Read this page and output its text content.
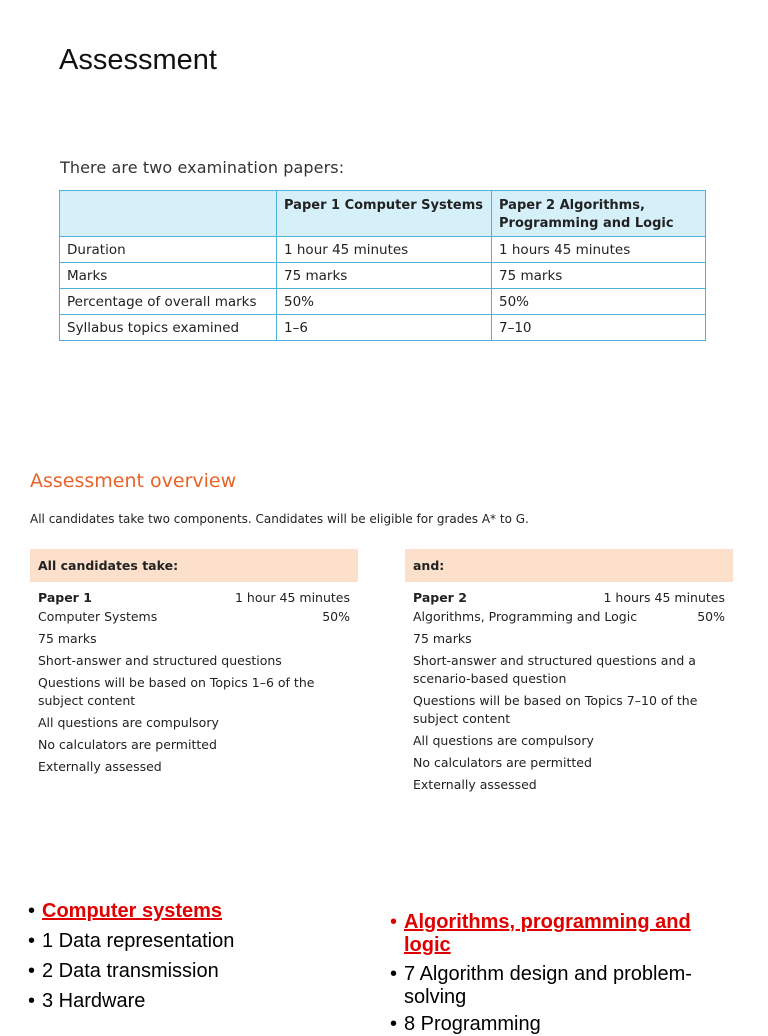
Assessment
There are two examination papers:
	Paper 1 Computer Systems	Paper 2 Algorithms, Programming and Logic
Duration	1 hour 45 minutes	1 hours 45 minutes
Marks	75 marks	75 marks
Percentage of overall marks	50%	50%
Syllabus topics examined	1–6	7–10
Assessment overview
All candidates take two components. Candidates will be eligible for grades A* to G.
All candidates take:
Paper 1	1 hour 45 minutes
Computer Systems	50%
75 marks
Short-answer and structured questions
Questions will be based on Topics 1–6 of the subject content
All questions are compulsory
No calculators are permitted
Externally assessed
and:
Paper 2	1 hours 45 minutes
Algorithms, Programming and Logic	50%
75 marks
Short-answer and structured questions and a scenario-based question
Questions will be based on Topics 7–10 of the subject content
All questions are compulsory
No calculators are permitted
Externally assessed
• Computer systems
• 1 Data representation
• 2 Data transmission
• 3 Hardware
• Algorithms, programming and logic
• 7 Algorithm design and problem-solving
• 8 Programming
